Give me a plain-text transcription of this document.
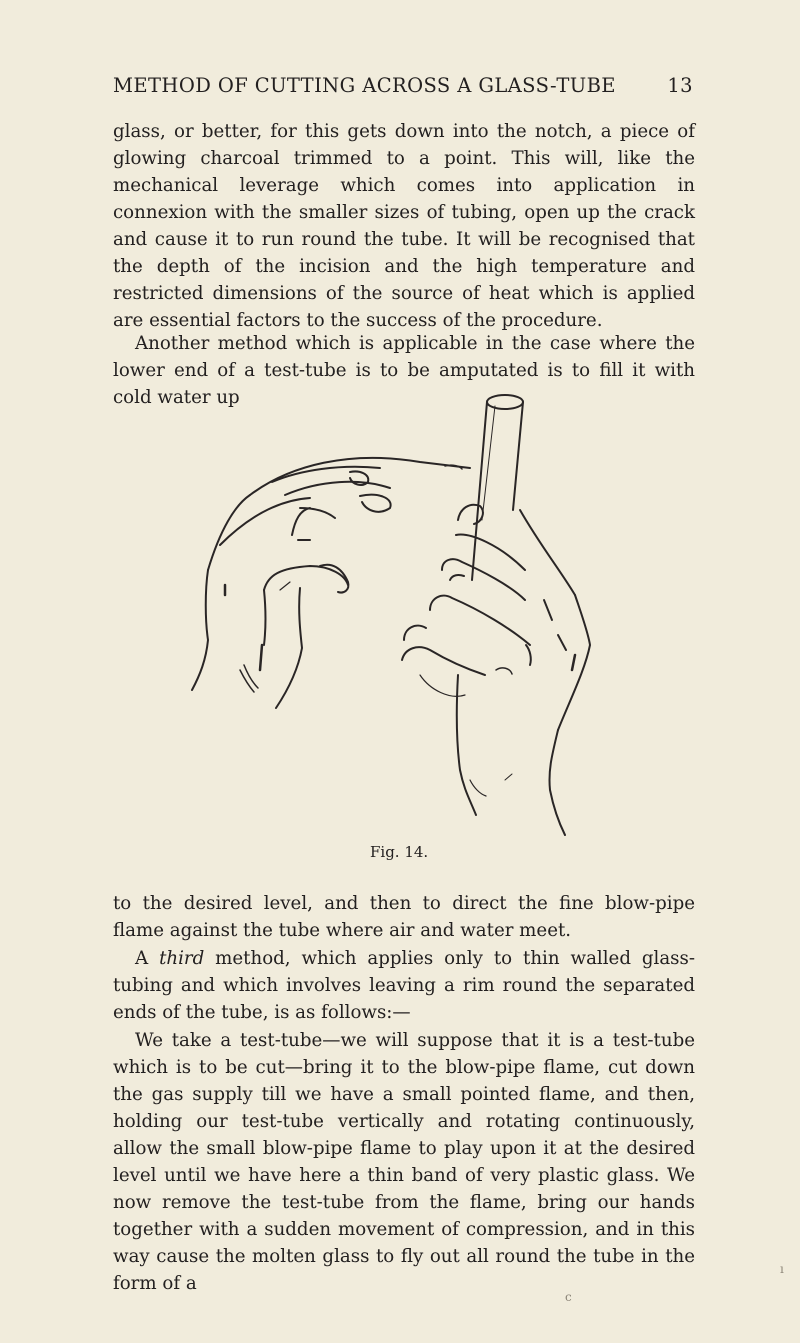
METHOD OF CUTTING ACROSS A GLASS-TUBE	13

glass, or better, for this gets down into the notch, a piece of glowing charcoal trimmed to a point. This will, like the mechanical leverage which comes into application in connexion with the smaller sizes of tubing, open up the crack and cause it to run round the tube. It will be recognised that the depth of the incision and the high temperature and restricted dimensions of the source of heat which is applied are essential factors to the success of the procedure.

Another method which is applicable in the case where the lower end of a test-tube is to be amputated is to fill it with cold water up

Fig. 14.

to the desired level, and then to direct the fine blow-pipe flame against the tube where air and water meet.

A third method, which applies only to thin walled glass-tubing and which involves leaving a rim round the separated ends of the tube, is as follows:—

We take a test-tube—we will suppose that it is a test-tube which is to be cut—bring it to the blow-pipe flame, cut down the gas supply till we have a small pointed flame, and then, holding our test-tube vertically and rotating continuously, allow the small blow-pipe flame to play upon it at the desired level until we have here a thin band of very plastic glass. We now remove the test-tube from the flame, bring our hands together with a sudden movement of compression, and in this way cause the molten glass to fly out all round the tube in the form of a

ı
c
